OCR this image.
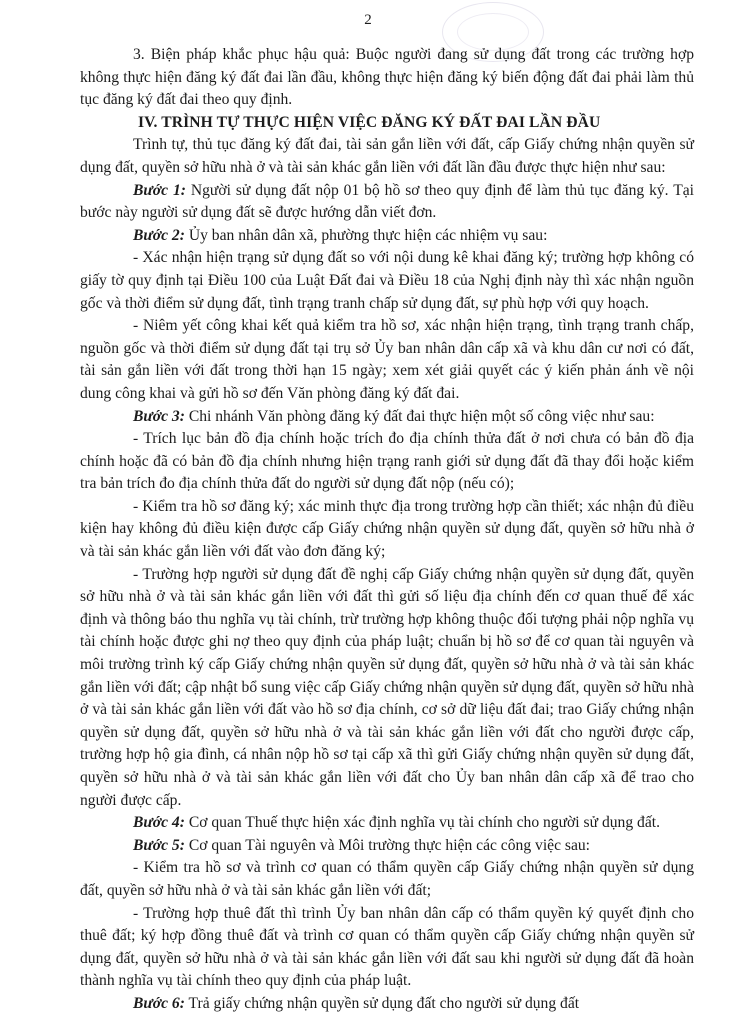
2

3. Biện pháp khắc phục hậu quả: Buộc người đang sử dụng đất trong các trường hợp không thực hiện đăng ký đất đai lần đầu, không thực hiện đăng ký biến động đất đai phải làm thủ tục đăng ký đất đai theo quy định.

IV. TRÌNH TỰ THỰC HIỆN VIỆC ĐĂNG KÝ ĐẤT ĐAI LẦN ĐẦU

Trình tự, thủ tục đăng ký đất đai, tài sản gắn liền với đất, cấp Giấy chứng nhận quyền sử dụng đất, quyền sở hữu nhà ở và tài sản khác gắn liền với đất lần đầu được thực hiện như sau:

Bước 1: Người sử dụng đất nộp 01 bộ hồ sơ theo quy định để làm thủ tục đăng ký. Tại bước này người sử dụng đất sẽ được hướng dẫn viết đơn.

Bước 2: Ủy ban nhân dân xã, phường thực hiện các nhiệm vụ sau:

- Xác nhận hiện trạng sử dụng đất so với nội dung kê khai đăng ký; trường hợp không có giấy tờ quy định tại Điều 100 của Luật Đất đai và Điều 18 của Nghị định này thì xác nhận nguồn gốc và thời điểm sử dụng đất, tình trạng tranh chấp sử dụng đất, sự phù hợp với quy hoạch.

- Niêm yết công khai kết quả kiểm tra hồ sơ, xác nhận hiện trạng, tình trạng tranh chấp, nguồn gốc và thời điểm sử dụng đất tại trụ sở Ủy ban nhân dân cấp xã và khu dân cư nơi có đất, tài sản gắn liền với đất trong thời hạn 15 ngày; xem xét giải quyết các ý kiến phản ánh về nội dung công khai và gửi hồ sơ đến Văn phòng đăng ký đất đai.

Bước 3: Chi nhánh Văn phòng đăng ký đất đai thực hiện một số công việc như sau:

- Trích lục bản đồ địa chính hoặc trích đo địa chính thửa đất ở nơi chưa có bản đồ địa chính hoặc đã có bản đồ địa chính nhưng hiện trạng ranh giới sử dụng đất đã thay đổi hoặc kiểm tra bản trích đo địa chính thửa đất do người sử dụng đất nộp (nếu có);

- Kiểm tra hồ sơ đăng ký; xác minh thực địa trong trường hợp cần thiết; xác nhận đủ điều kiện hay không đủ điều kiện được cấp Giấy chứng nhận quyền sử dụng đất, quyền sở hữu nhà ở và tài sản khác gắn liền với đất vào đơn đăng ký;

- Trường hợp người sử dụng đất đề nghị cấp Giấy chứng nhận quyền sử dụng đất, quyền sở hữu nhà ở và tài sản khác gắn liền với đất thì gửi số liệu địa chính đến cơ quan thuế để xác định và thông báo thu nghĩa vụ tài chính, trừ trường hợp không thuộc đối tượng phải nộp nghĩa vụ tài chính hoặc được ghi nợ theo quy định của pháp luật; chuẩn bị hồ sơ để cơ quan tài nguyên và môi trường trình ký cấp Giấy chứng nhận quyền sử dụng đất, quyền sở hữu nhà ở và tài sản khác gắn liền với đất; cập nhật bổ sung việc cấp Giấy chứng nhận quyền sử dụng đất, quyền sở hữu nhà ở và tài sản khác gắn liền với đất vào hồ sơ địa chính, cơ sở dữ liệu đất đai; trao Giấy chứng nhận quyền sử dụng đất, quyền sở hữu nhà ở và tài sản khác gắn liền với đất cho người được cấp, trường hợp hộ gia đình, cá nhân nộp hồ sơ tại cấp xã thì gửi Giấy chứng nhận quyền sử dụng đất, quyền sở hữu nhà ở và tài sản khác gắn liền với đất cho Ủy ban nhân dân cấp xã để trao cho người được cấp.

Bước 4: Cơ quan Thuế thực hiện xác định nghĩa vụ tài chính cho người sử dụng đất.

Bước 5: Cơ quan Tài nguyên và Môi trường thực hiện các công việc sau:

- Kiểm tra hồ sơ và trình cơ quan có thẩm quyền cấp Giấy chứng nhận quyền sử dụng đất, quyền sở hữu nhà ở và tài sản khác gắn liền với đất;

- Trường hợp thuê đất thì trình Ủy ban nhân dân cấp có thẩm quyền ký quyết định cho thuê đất; ký hợp đồng thuê đất và trình cơ quan có thẩm quyền cấp Giấy chứng nhận quyền sử dụng đất, quyền sở hữu nhà ở và tài sản khác gắn liền với đất sau khi người sử dụng đất đã hoàn thành nghĩa vụ tài chính theo quy định của pháp luật.

Bước 6: Trả giấy chứng nhận quyền sử dụng đất cho người sử dụng đất
